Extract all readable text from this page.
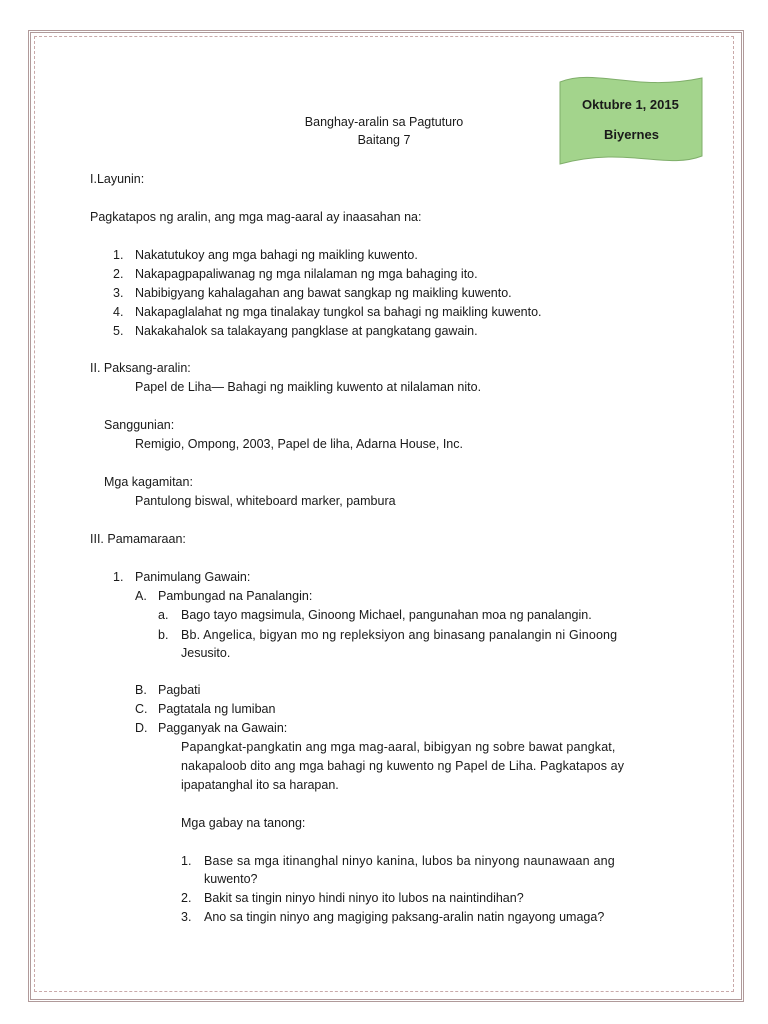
Oktubre 1, 2015
Biyernes
Banghay-aralin sa Pagtuturo
Baitang 7
I.Layunin:
Pagkatapos ng aralin, ang mga mag-aaral ay inaasahan na:
1. Nakatutukoy ang mga bahagi ng maikling kuwento.
2. Nakapagpapaliwanag ng mga nilalaman ng mga bahaging ito.
3. Nabibigyang kahalagahan ang bawat sangkap ng maikling kuwento.
4. Nakapaglalahat ng mga tinalakay tungkol sa bahagi ng maikling kuwento.
5. Nakakahalok sa talakayang pangklase at pangkatang gawain.
II. Paksang-aralin:
Papel de Liha— Bahagi ng maikling kuwento at nilalaman nito.
Sanggunian:
Remigio, Ompong, 2003, Papel de liha, Adarna House, Inc.
Mga kagamitan:
Pantulong biswal, whiteboard marker, pambura
III. Pamamaraan:
1. Panimulang Gawain:
A. Pambungad na Panalangin:
a. Bago tayo magsimula, Ginoong Michael, pangunahan moa ng panalangin.
b. Bb. Angelica, bigyan mo ng repleksiyon ang binasang panalangin ni Ginoong
Jesusito.
B. Pagbati
C. Pagtatala ng lumiban
D. Pagganyak na Gawain:
Papangkat-pangkatin ang mga mag-aaral, bibigyan ng sobre bawat pangkat,
nakapaloob dito ang mga bahagi ng kuwento ng Papel de Liha. Pagkatapos ay
ipapatanghal ito sa harapan.
Mga gabay na tanong:
1. Base sa mga itinanghal ninyo kanina, lubos ba ninyong naunawaan ang
kuwento?
2. Bakit sa tingin ninyo hindi ninyo ito lubos na naintindihan?
3. Ano sa tingin ninyo ang magiging paksang-aralin natin ngayong umaga?
